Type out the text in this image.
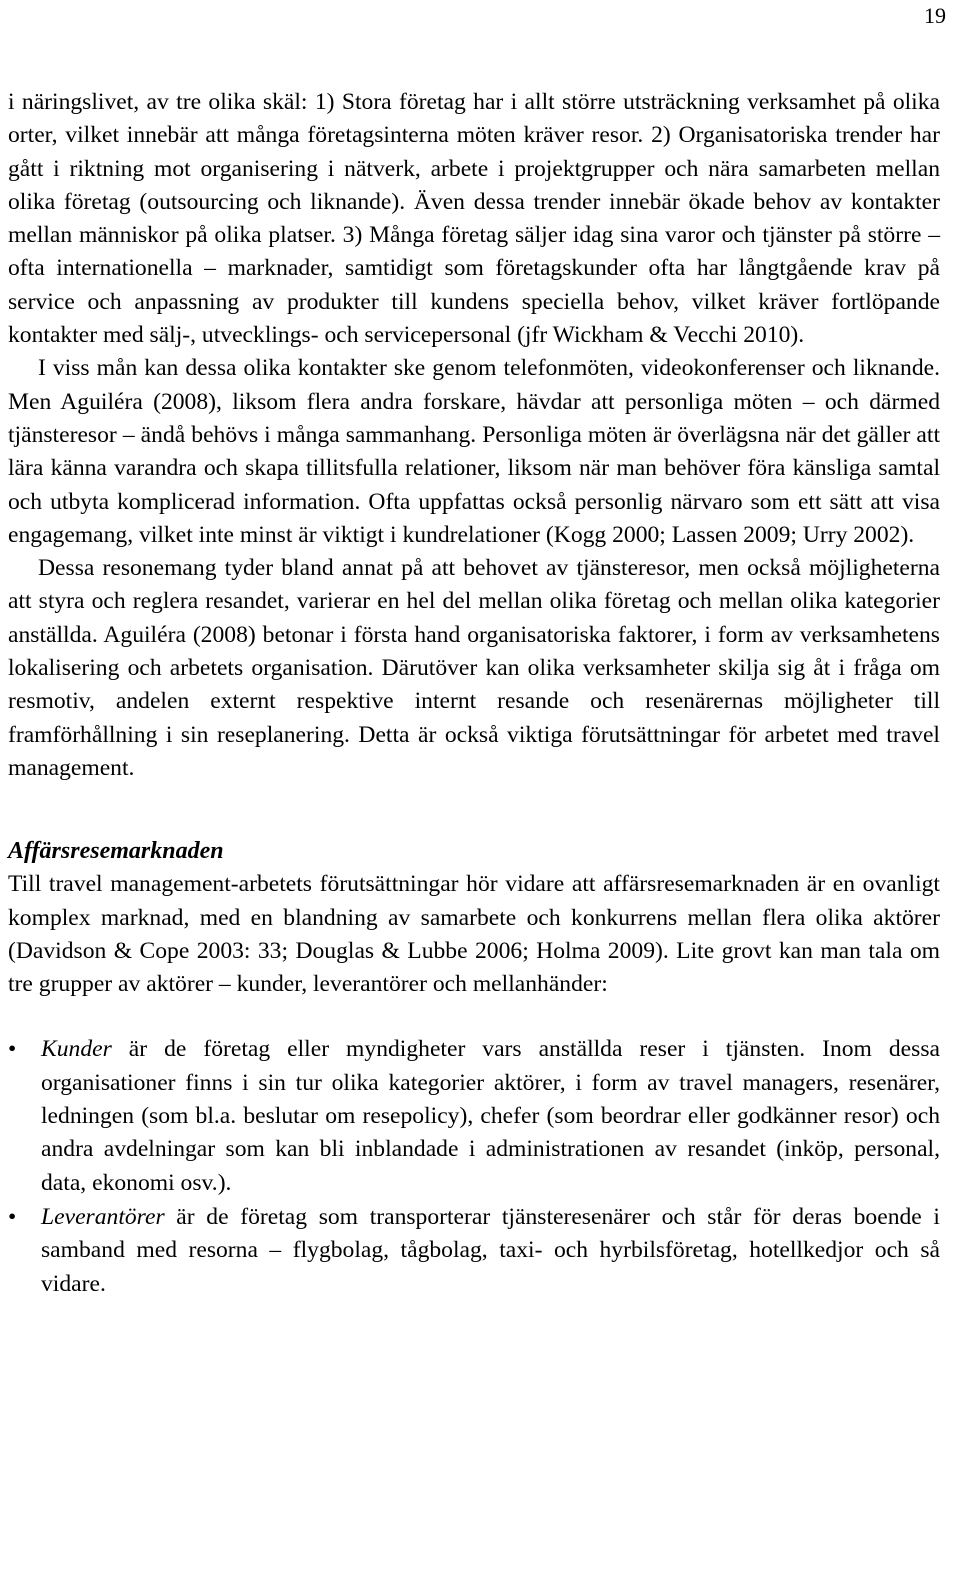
19

i näringslivet, av tre olika skäl: 1) Stora företag har i allt större utsträckning verksamhet på olika orter, vilket innebär att många företagsinterna möten kräver resor. 2) Organisatoriska trender har gått i riktning mot organisering i nätverk, arbete i projektgrupper och nära samarbeten mellan olika företag (outsourcing och liknande). Även dessa trender innebär ökade behov av kontakter mellan människor på olika platser. 3) Många företag säljer idag sina varor och tjänster på större – ofta internationella – marknader, samtidigt som företagskunder ofta har långtgående krav på service och anpassning av produkter till kundens speciella behov, vilket kräver fortlöpande kontakter med sälj-, utvecklings- och servicepersonal (jfr Wickham & Vecchi 2010).

I viss mån kan dessa olika kontakter ske genom telefonmöten, videokonferenser och liknande. Men Aguiléra (2008), liksom flera andra forskare, hävdar att personliga möten – och därmed tjänsteresor – ändå behövs i många sammanhang. Personliga möten är överlägsna när det gäller att lära känna varandra och skapa tillitsfulla relationer, liksom när man behöver föra känsliga samtal och utbyta komplicerad information. Ofta uppfattas också personlig närvaro som ett sätt att visa engagemang, vilket inte minst är viktigt i kundrelationer (Kogg 2000; Lassen 2009; Urry 2002).

Dessa resonemang tyder bland annat på att behovet av tjänsteresor, men också möjligheterna att styra och reglera resandet, varierar en hel del mellan olika företag och mellan olika kategorier anställda. Aguiléra (2008) betonar i första hand organisatoriska faktorer, i form av verksamhetens lokalisering och arbetets organisation. Därutöver kan olika verksamheter skilja sig åt i fråga om resmotiv, andelen externt respektive internt resande och resenärernas möjligheter till framförhållning i sin reseplanering. Detta är också viktiga förutsättningar för arbetet med travel management.

Affärsresemarknaden

Till travel management-arbetets förutsättningar hör vidare att affärsresemarknaden är en ovanligt komplex marknad, med en blandning av samarbete och konkurrens mellan flera olika aktörer (Davidson & Cope 2003: 33; Douglas & Lubbe 2006; Holma 2009). Lite grovt kan man tala om tre grupper av aktörer – kunder, leverantörer och mellanhänder:

• Kunder är de företag eller myndigheter vars anställda reser i tjänsten. Inom dessa organisationer finns i sin tur olika kategorier aktörer, i form av travel managers, resenärer, ledningen (som bl.a. beslutar om resepolicy), chefer (som beordrar eller godkänner resor) och andra avdelningar som kan bli inblandade i administrationen av resandet (inköp, personal, data, ekonomi osv.).
• Leverantörer är de företag som transporterar tjänsteresenärer och står för deras boende i samband med resorna – flygbolag, tågbolag, taxi- och hyrbilsföretag, hotellkedjor och så vidare.
